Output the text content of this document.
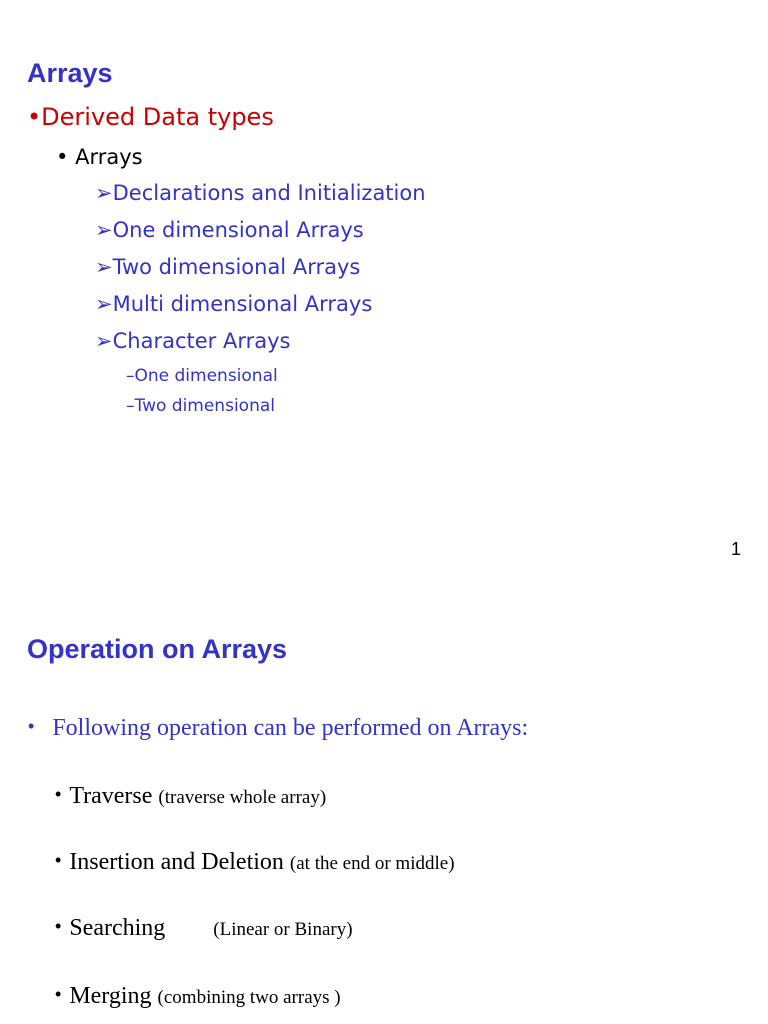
Arrays
•Derived Data types
• Arrays
➢Declarations and Initialization
➢One dimensional Arrays
➢Two dimensional Arrays
➢Multi dimensional Arrays
➢Character Arrays
–One dimensional
–Two dimensional
1
Operation on Arrays
• Following operation can be performed on Arrays:
• Traverse (traverse whole array)
• Insertion and Deletion (at the end or middle)
• Searching	(Linear or Binary)
• Merging (combining two arrays )
